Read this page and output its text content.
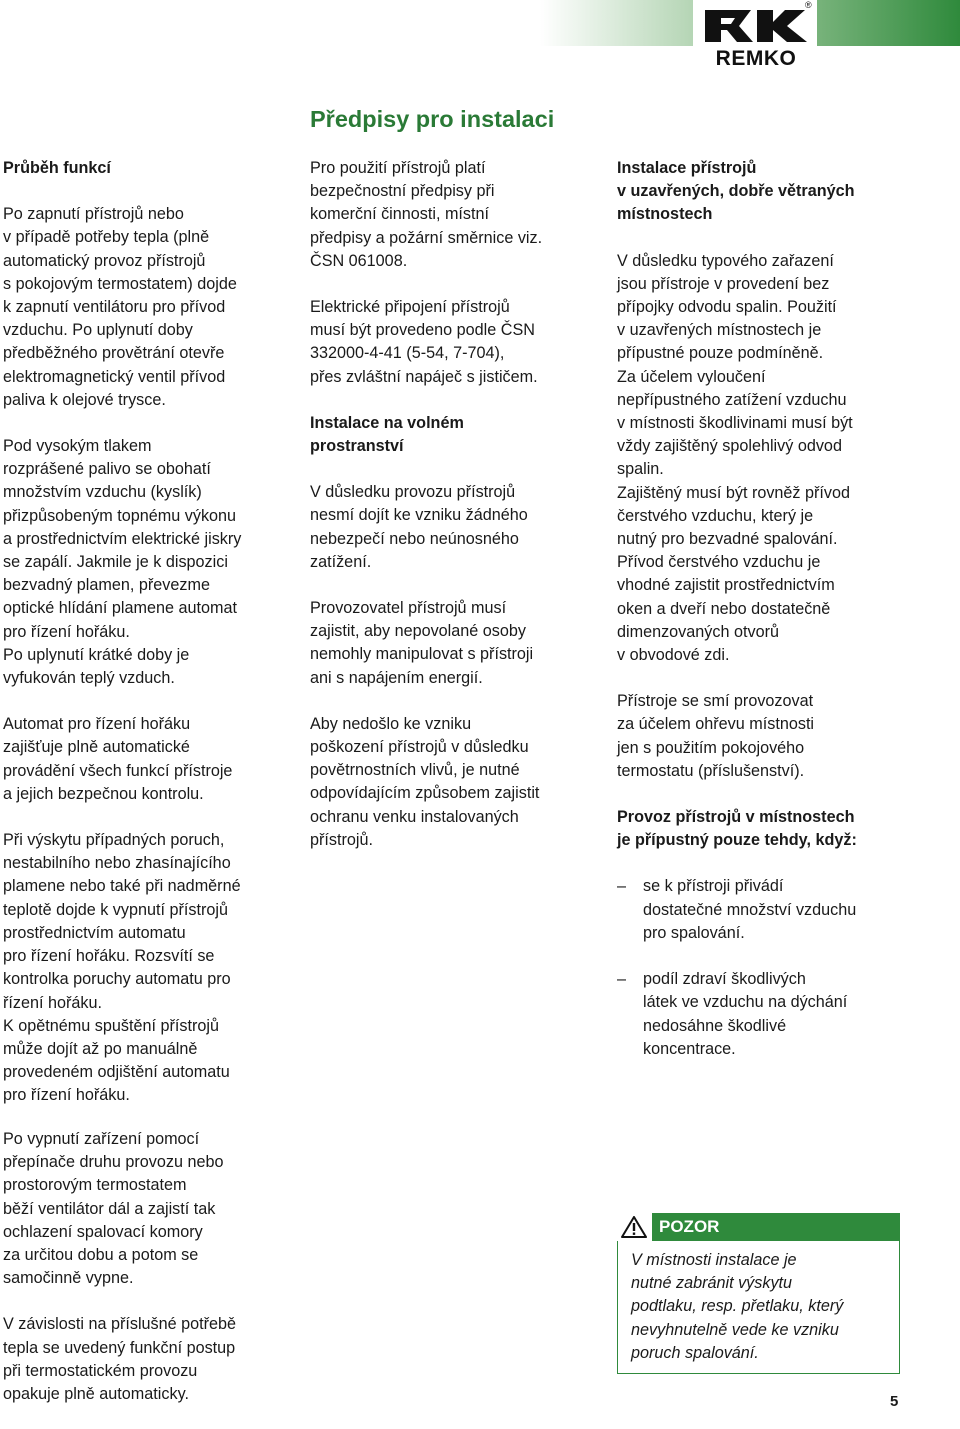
®
REMKO
Předpisy pro instalaci
Průběh funkcí

Po zapnutí přístrojů nebo
v případě potřeby tepla (plně
automatický provoz přístrojů
s pokojovým termostatem) dojde
k zapnutí ventilátoru pro přívod
vzduchu. Po uplynutí doby
předběžného provětrání otevře
elektromagnetický ventil přívod
paliva k olejové trysce.

Pod vysokým tlakem
rozprášené palivo se obohatí
množstvím vzduchu (kyslík)
přizpůsobeným topnému výkonu
a prostřednictvím elektrické jiskry
se zapálí. Jakmile je k dispozici
bezvadný plamen, převezme
optické hlídání plamene automat
pro řízení hořáku.
Po uplynutí krátké doby je
vyfukován teplý vzduch.

Automat pro řízení hořáku
zajišťuje plně automatické
provádění všech funkcí přístroje
a jejich bezpečnou kontrolu.

Při výskytu případných poruch,
nestabilního nebo zhasínajícího
plamene nebo také při nadměrné
teplotě dojde k vypnutí přístrojů
prostřednictvím automatu
pro řízení hořáku. Rozsvítí se
kontrolka poruchy automatu pro
řízení hořáku.
K opětnému spuštění přístrojů
může dojít až po manuálně
provedeném odjištění automatu
pro řízení hořáku.

Po vypnutí zařízení pomocí
přepínače druhu provozu nebo
prostorovým termostatem
běží ventilátor dál a zajistí tak
ochlazení spalovací komory
za určitou dobu a potom se
samočinně vypne.

V závislosti na příslušné potřebě
tepla se uvedený funkční postup
při termostatickém provozu
opakuje plně automaticky.

Pro použití přístrojů platí
bezpečnostní předpisy při
komerční činnosti, místní
předpisy a požární směrnice viz.
ČSN 061008.

Elektrické připojení přístrojů
musí být provedeno podle ČSN
332000-4-41 (5-54, 7-704),
přes zvláštní napáječ s jističem.

Instalace na volném
prostranství

V důsledku provozu přístrojů
nesmí dojít ke vzniku žádného
nebezpečí nebo neúnosného
zatížení.

Provozovatel přístrojů musí
zajistit, aby nepovolané osoby
nemohly manipulovat s přístroji
ani s napájením energií.

Aby nedošlo ke vzniku
poškození přístrojů v důsledku
povětrnostních vlivů, je nutné
odpovídajícím způsobem zajistit
ochranu venku instalovaných
přístrojů.

Instalace přístrojů
v uzavřených, dobře větraných
místnostech

V důsledku typového zařazení
jsou přístroje v provedení bez
přípojky odvodu spalin. Použití
v uzavřených místnostech je
přípustné pouze podmíněně.
Za účelem vyloučení
nepřípustného zatížení vzduchu
v místnosti škodlivinami musí být
vždy zajištěný spolehlivý odvod
spalin.
Zajištěný musí být rovněž přívod
čerstvého vzduchu, který je
nutný pro bezvadné spalování.
Přívod čerstvého vzduchu je
vhodné zajistit prostřednictvím
oken a dveří nebo dostatečně
dimenzovaných otvorů
v obvodové zdi.

Přístroje se smí provozovat
za účelem ohřevu místnosti
jen s použitím pokojového
termostatu (příslušenství).

Provoz přístrojů v místnostech
je přípustný pouze tehdy, když:
– se k přístroji přivádí
dostatečné množství vzduchu
pro spalování.
– podíl zdraví škodlivých
látek ve vzduchu na dýchání
nedosáhne škodlivé
koncentrace.
POZOR
V místnosti instalace je
nutné zabránit výskytu
podtlaku, resp. přetlaku, který
nevyhnutelně vede ke vzniku
poruch spalování.
5
